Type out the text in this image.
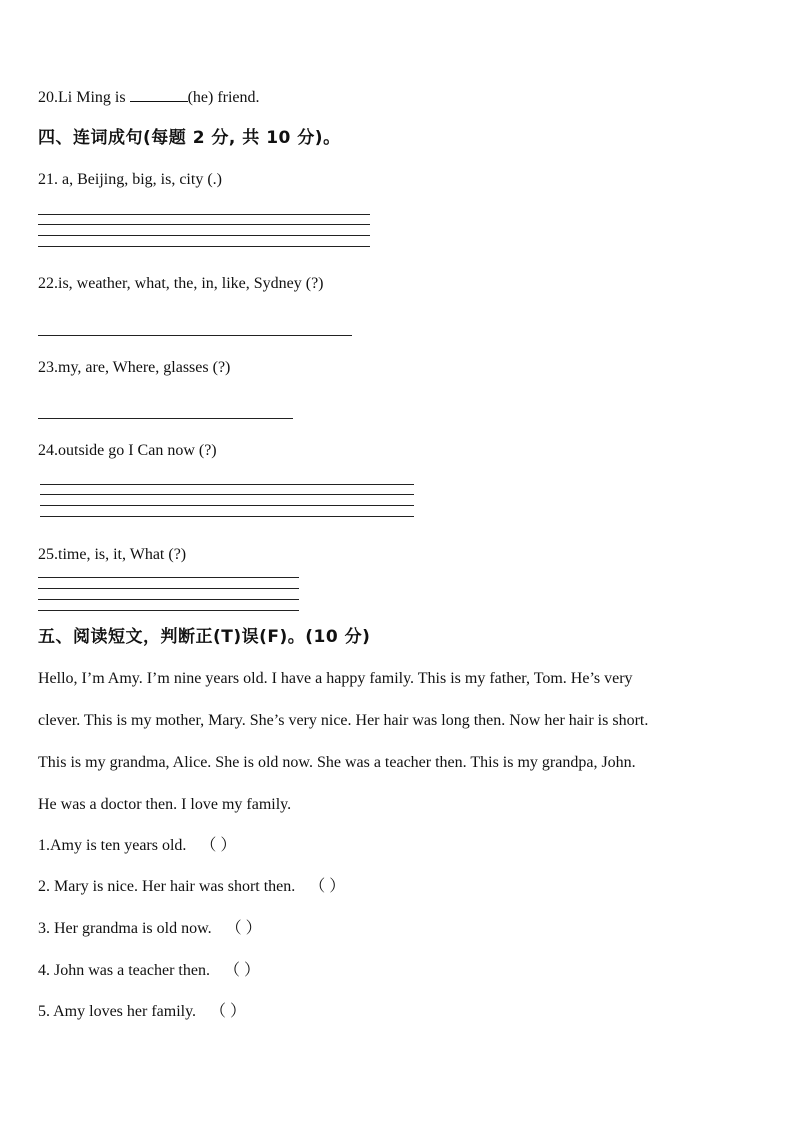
20.Li Ming is	(he) friend.
四、连词成句(每题 2 分, 共 10 分)。
21. a, Beijing, big, is, city (.)
22.is, weather, what, the, in, like, Sydney (?)
23.my, are, Where, glasses (?)
24.outside go I Can now (?)
25.time, is, it, What (?)
五、阅读短文，判断正(T)误(F)。(10 分)
Hello, I’m Amy. I’m nine years old. I have a happy family. This is my father, Tom. He’s very
clever. This is my mother, Mary. She’s very nice. Her hair was long then. Now her hair is short.
This is my grandma, Alice. She is old now. She was a teacher then. This is my grandpa, John.
He was a doctor then. I love my family.
1.Amy is ten years old. （ ）
2. Mary is nice. Her hair was short then. （ ）
3. Her grandma is old now. （ ）
4. John was a teacher then. （ ）
5. Amy loves her family. （ ）
